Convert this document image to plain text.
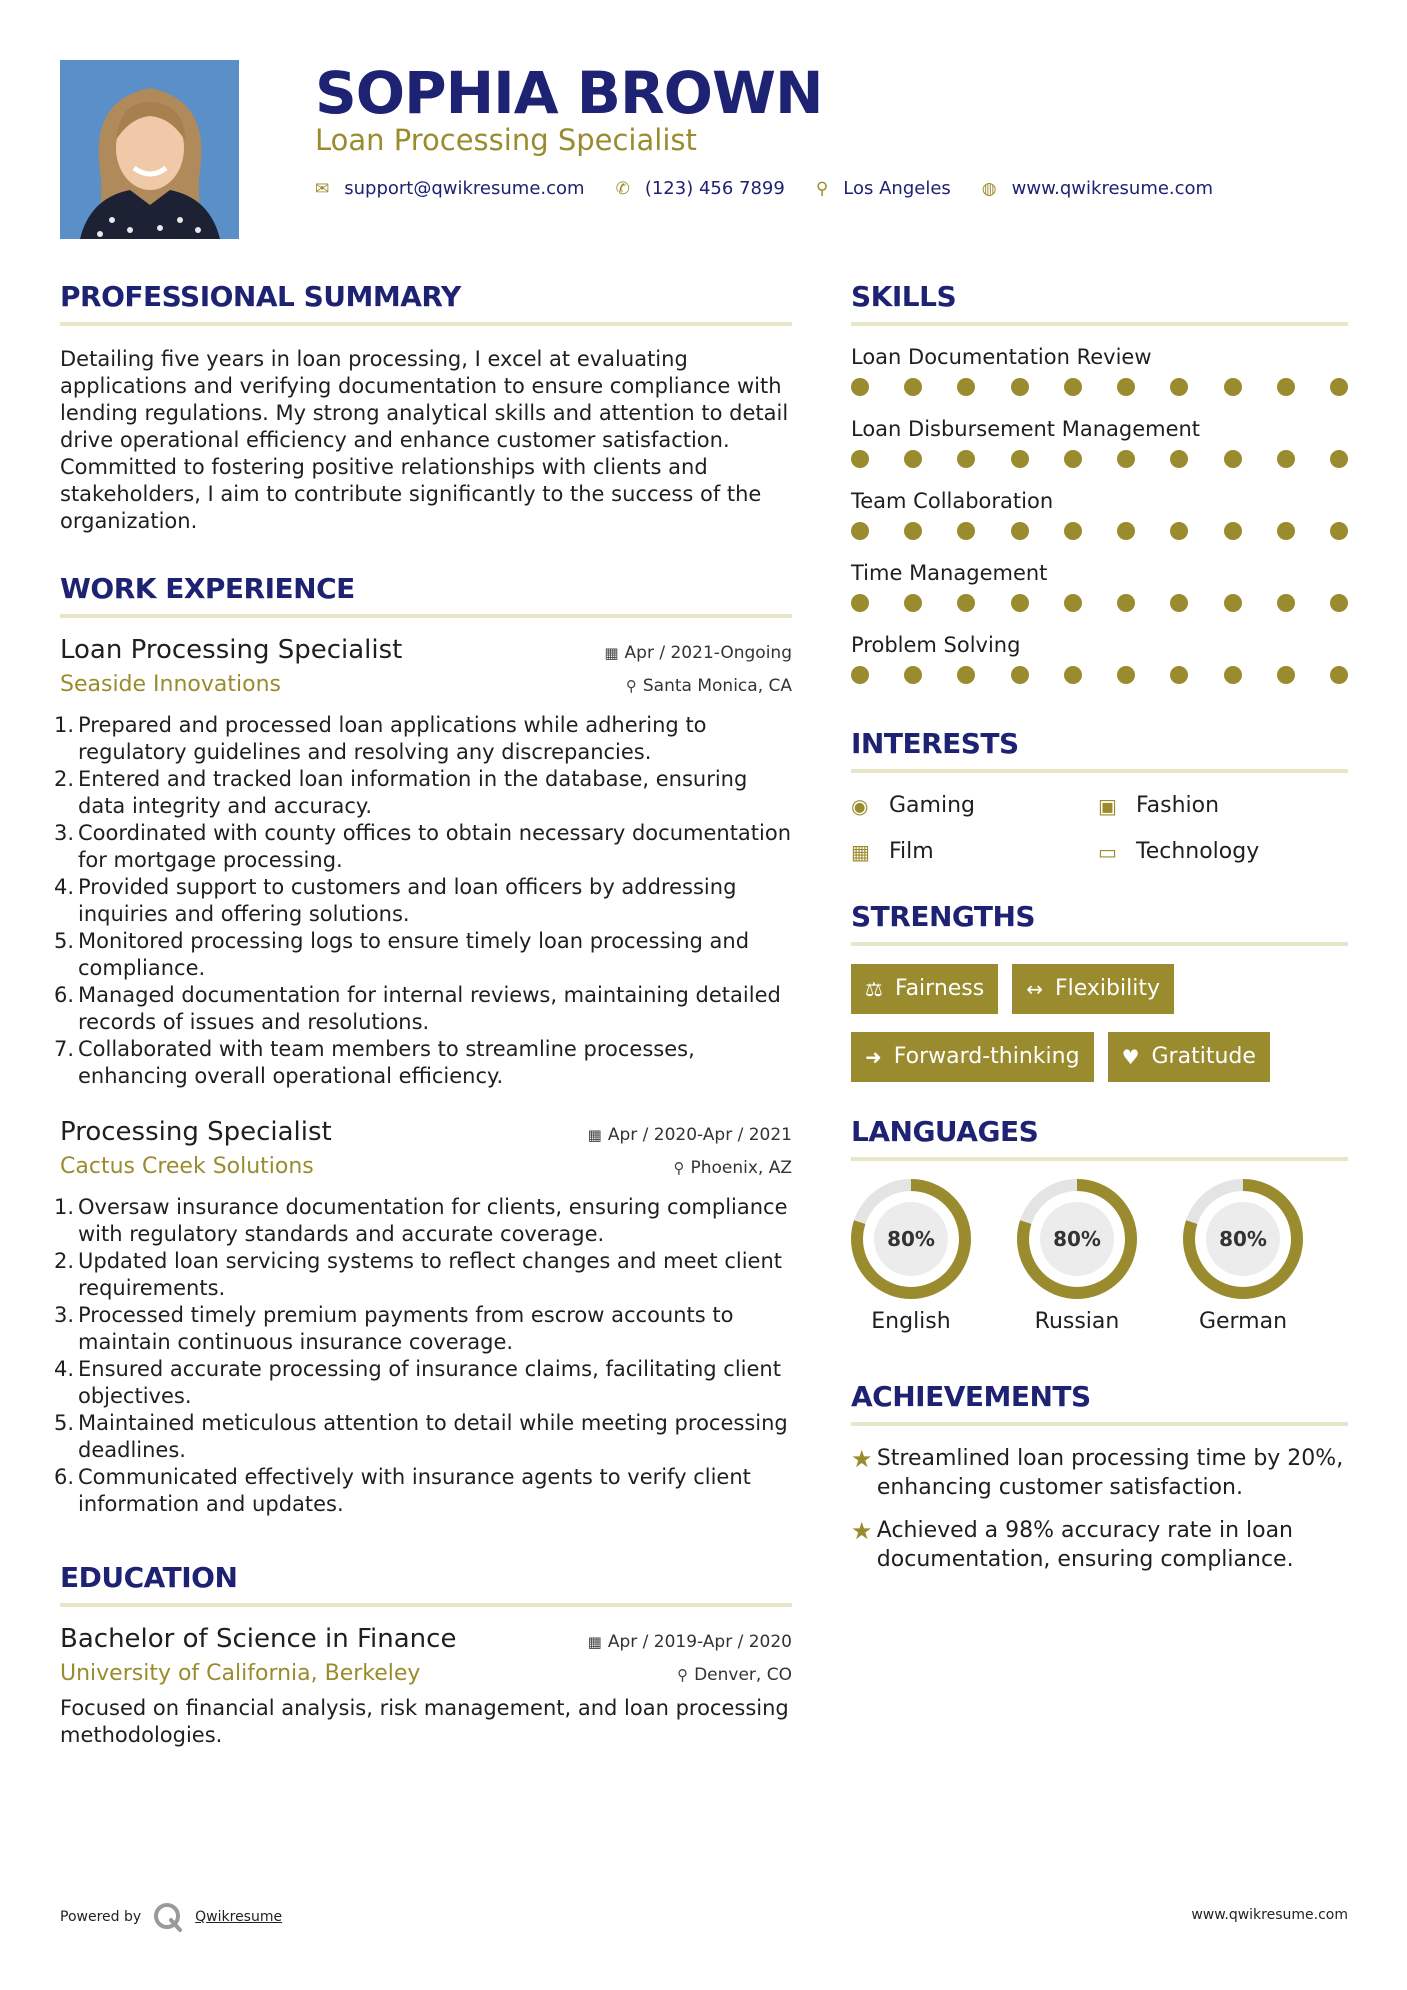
SOPHIA BROWN
Loan Processing Specialist
✉ support@qwikresume.com ✆ (123) 456 7899 ⚲ Los Angeles ◍ www.qwikresume.com
PROFESSIONAL SUMMARY
Detailing five years in loan processing, I excel at evaluating applications and verifying documentation to ensure compliance with lending regulations. My strong analytical skills and attention to detail drive operational efficiency and enhance customer satisfaction. Committed to fostering positive relationships with clients and stakeholders, I aim to contribute significantly to the success of the organization.
WORK EXPERIENCE
Loan Processing Specialist	▦ Apr / 2021-Ongoing
Seaside Innovations	⚲ Santa Monica, CA
1. Prepared and processed loan applications while adhering to regulatory guidelines and resolving any discrepancies.
2. Entered and tracked loan information in the database, ensuring data integrity and accuracy.
3. Coordinated with county offices to obtain necessary documentation for mortgage processing.
4. Provided support to customers and loan officers by addressing inquiries and offering solutions.
5. Monitored processing logs to ensure timely loan processing and compliance.
6. Managed documentation for internal reviews, maintaining detailed records of issues and resolutions.
7. Collaborated with team members to streamline processes, enhancing overall operational efficiency.
Processing Specialist	▦ Apr / 2020-Apr / 2021
Cactus Creek Solutions	⚲ Phoenix, AZ
1. Oversaw insurance documentation for clients, ensuring compliance with regulatory standards and accurate coverage.
2. Updated loan servicing systems to reflect changes and meet client requirements.
3. Processed timely premium payments from escrow accounts to maintain continuous insurance coverage.
4. Ensured accurate processing of insurance claims, facilitating client objectives.
5. Maintained meticulous attention to detail while meeting processing deadlines.
6. Communicated effectively with insurance agents to verify client information and updates.
EDUCATION
Bachelor of Science in Finance	▦ Apr / 2019-Apr / 2020
University of California, Berkeley	⚲ Denver, CO
Focused on financial analysis, risk management, and loan processing methodologies.
SKILLS
Loan Documentation Review
Loan Disbursement Management
Team Collaboration
Time Management
Problem Solving
INTERESTS
◉ Gaming	▣ Fashion
▦ Film	▭ Technology
STRENGTHS
⚖ Fairness ↔ Flexibility
➜ Forward-thinking ♥ Gratitude
LANGUAGES
80%
English
80%
Russian
80%
German
ACHIEVEMENTS
★ Streamlined loan processing time by 20%, enhancing customer satisfaction.
★ Achieved a 98% accuracy rate in loan documentation, ensuring compliance.
Powered by	Qwikresume	www.qwikresume.com
